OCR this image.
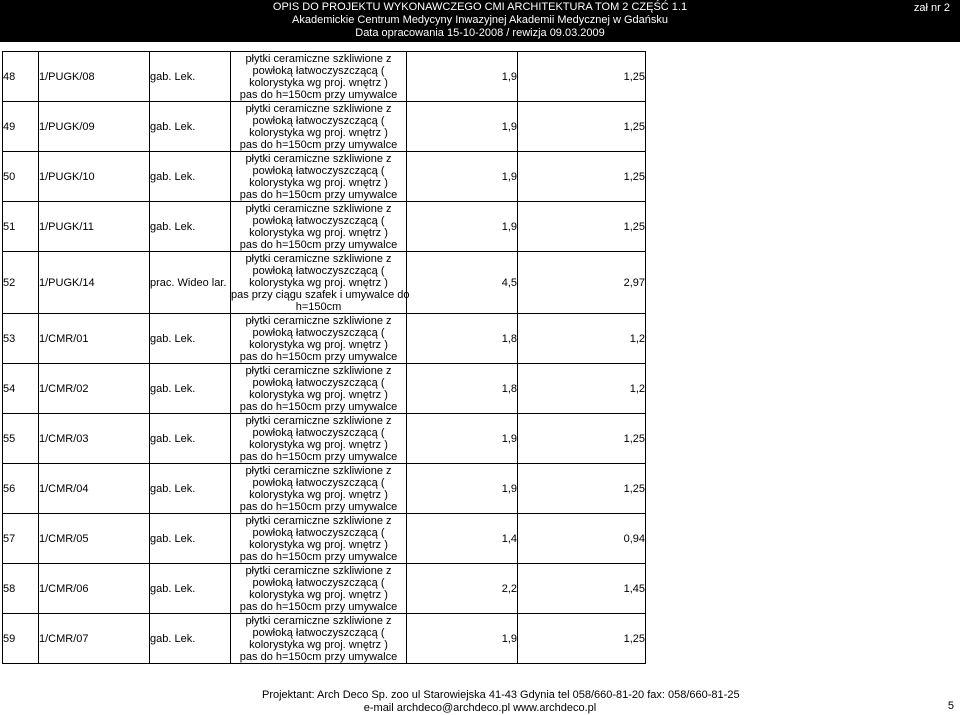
OPIS DO PROJEKTU WYKONAWCZEGO CMI ARCHITEKTURA TOM 2 CZĘŚĆ 1.1
Akademickie Centrum Medycyny Inwazyjnej Akademii Medycznej w Gdańsku
Data opracowania 15-10-2008 / rewizja 09.03.2009
zał nr 2
48	1/PUGK/08	gab. Lek.	płytki ceramiczne szkliwione z
powłoką łatwoczyszczącą (
kolorystyka wg proj. wnętrz )
pas do h=150cm przy umywalce	1,9	1,25
49	1/PUGK/09	gab. Lek.	płytki ceramiczne szkliwione z
powłoką łatwoczyszczącą (
kolorystyka wg proj. wnętrz )
pas do h=150cm przy umywalce	1,9	1,25
50	1/PUGK/10	gab. Lek.	płytki ceramiczne szkliwione z
powłoką łatwoczyszczącą (
kolorystyka wg proj. wnętrz )
pas do h=150cm przy umywalce	1,9	1,25
51	1/PUGK/11	gab. Lek.	płytki ceramiczne szkliwione z
powłoką łatwoczyszczącą (
kolorystyka wg proj. wnętrz )
pas do h=150cm przy umywalce	1,9	1,25
52	1/PUGK/14	prac. Wideo lar.	płytki ceramiczne szkliwione z
powłoką łatwoczyszczącą (
kolorystyka wg proj. wnętrz )
pas przy ciągu szafek i umywalce do
h=150cm	4,5	2,97
53	1/CMR/01	gab. Lek.	płytki ceramiczne szkliwione z
powłoką łatwoczyszczącą (
kolorystyka wg proj. wnętrz )
pas do h=150cm przy umywalce	1,8	1,2
54	1/CMR/02	gab. Lek.	płytki ceramiczne szkliwione z
powłoką łatwoczyszczącą (
kolorystyka wg proj. wnętrz )
pas do h=150cm przy umywalce	1,8	1,2
55	1/CMR/03	gab. Lek.	płytki ceramiczne szkliwione z
powłoką łatwoczyszczącą (
kolorystyka wg proj. wnętrz )
pas do h=150cm przy umywalce	1,9	1,25
56	1/CMR/04	gab. Lek.	płytki ceramiczne szkliwione z
powłoką łatwoczyszczącą (
kolorystyka wg proj. wnętrz )
pas do h=150cm przy umywalce	1,9	1,25
57	1/CMR/05	gab. Lek.	płytki ceramiczne szkliwione z
powłoką łatwoczyszczącą (
kolorystyka wg proj. wnętrz )
pas do h=150cm przy umywalce	1,4	0,94
58	1/CMR/06	gab. Lek.	płytki ceramiczne szkliwione z
powłoką łatwoczyszczącą (
kolorystyka wg proj. wnętrz )
pas do h=150cm przy umywalce	2,2	1,45
59	1/CMR/07	gab. Lek.	płytki ceramiczne szkliwione z
powłoką łatwoczyszczącą (
kolorystyka wg proj. wnętrz )
pas do h=150cm przy umywalce	1,9	1,25
Projektant: Arch Deco Sp. zoo ul Starowiejska 41-43 Gdynia tel 058/660-81-20 fax: 058/660-81-25
e-mail archdeco@archdeco.pl www.archdeco.pl	5
